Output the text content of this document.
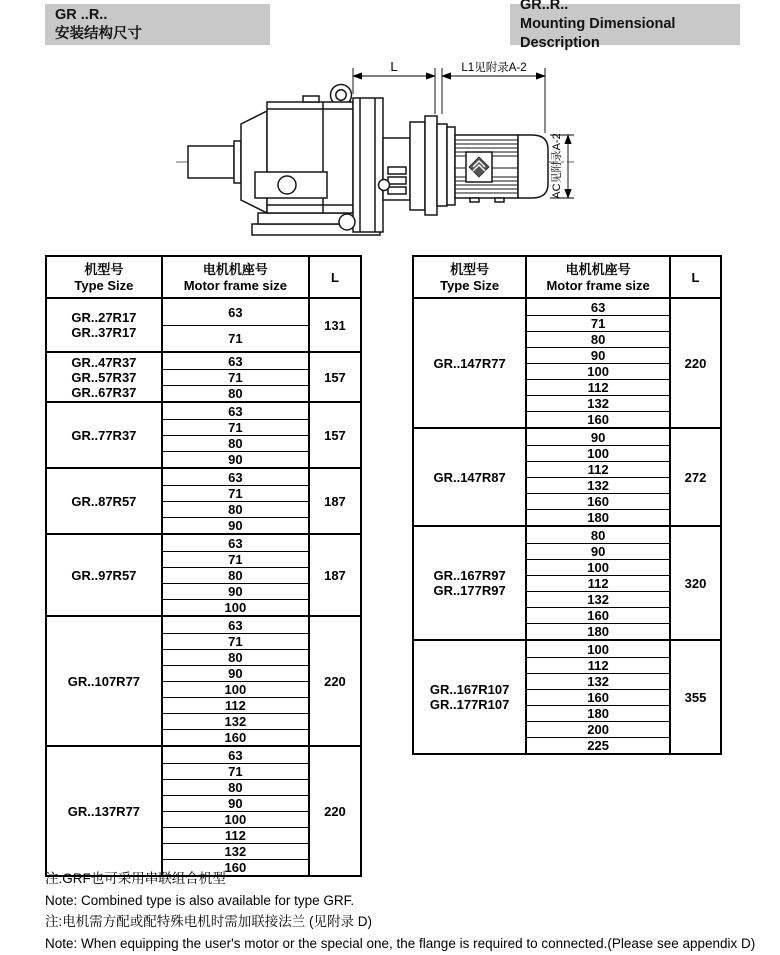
GR ..R..
安装结构尺寸
GR..R..
Mounting Dimensional Description
L	L1见附录A-2
AC见附录A-2
机型号
Type Size
电机机座号
Motor frame size
L
GR..27R17
GR..37R17
63
71
131
GR..47R37
GR..57R37
GR..67R37
63
71
80
157
GR..77R37
63
71
80
90
157
GR..87R57
63
71
80
90
187
GR..97R57
63
71
80
90
100
187
GR..107R77
63
71
80
90
100
112
132
160
220
GR..137R77
63
71
80
90
100
112
132
160
220
机型号
Type Size
电机机座号
Motor frame size
L
GR..147R77
63
71
80
90
100
112
132
160
220
GR..147R87
90
100
112
132
160
180
272
GR..167R97
GR..177R97
80
90
100
112
132
160
180
320
GR..167R107
GR..177R107
100
112
132
160
180
200
225
355
注:GRF也可采用串联组合机型
Note: Combined type is also available for type GRF.
注:电机需方配或配特殊电机时需加联接法兰 (见附录 D)
Note: When equipping the user's motor or the special one, the flange is required to connected.(Please see appendix D)
